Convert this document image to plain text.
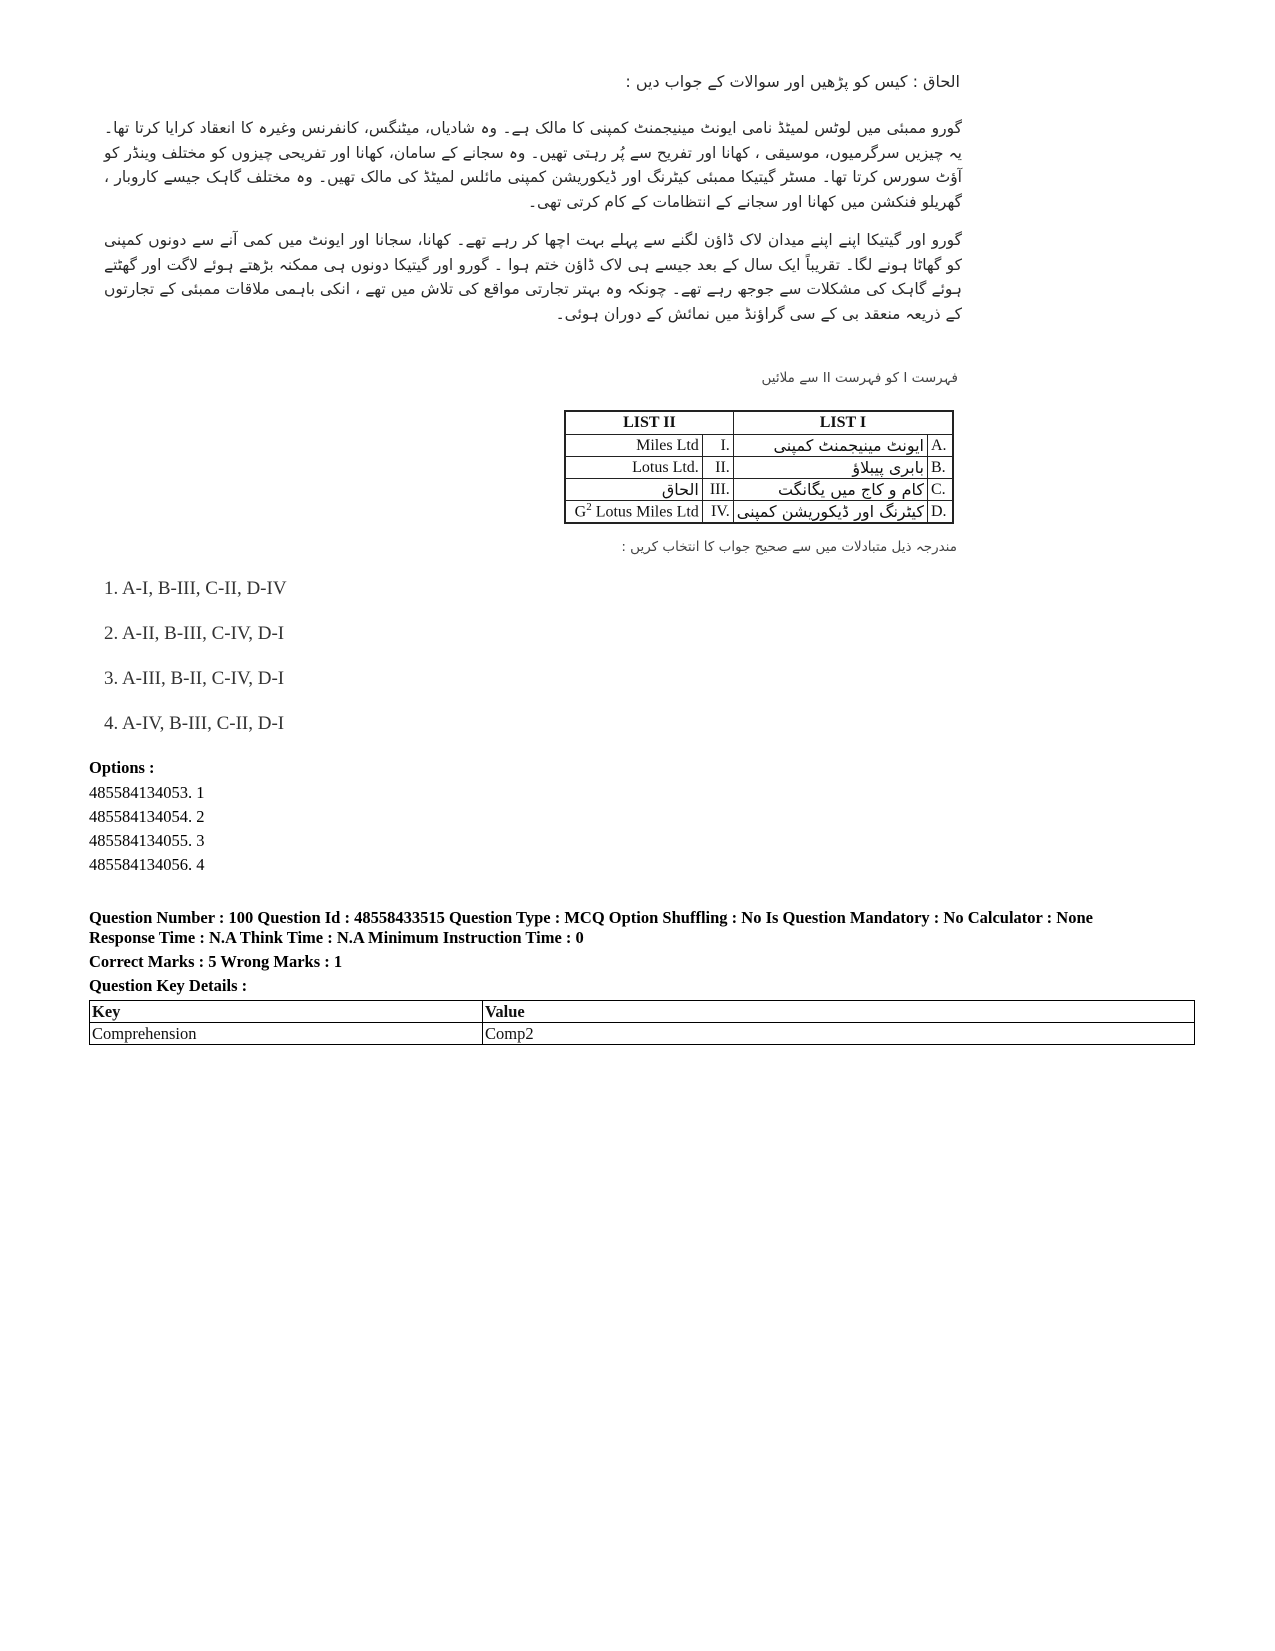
الحاق : کیس کو پڑھیں اور سوالات کے جواب دیں :
گورو ممبئی میں لوٹس لمیٹڈ نامی ایونٹ مینیجمنٹ کمپنی کا مالک ہے۔ وہ شادیاں، میٹنگس، کانفرنس وغیرہ کا انعقاد کرایا کرتا تھا۔ یہ چیزیں سرگرمیوں، موسیقی ، کھانا اور تفریح سے پُر رہتی تھیں۔ وہ سجانے کے سامان، کھانا اور تفریحی چیزوں کو مختلف وینڈر کو آؤٹ سورس کرتا تھا۔ مسٹر گیتیکا ممبئی کیٹرنگ اور ڈیکوریشن کمپنی مائلس لمیٹڈ کی مالک تھیں۔ وہ مختلف گاہک جیسے کاروبار ، گھریلو فنکشن میں کھانا اور سجانے کے انتظامات کے کام کرتی تھی۔
گورو اور گیتیکا اپنے اپنے میدان لاک ڈاؤن لگنے سے پہلے بہت اچھا کر رہے تھے۔ کھانا، سجانا اور ایونٹ میں کمی آنے سے دونوں کمپنی کو گھاٹا ہونے لگا۔ تقریباً ایک سال کے بعد جیسے ہی لاک ڈاؤن ختم ہوا ۔ گورو اور گیتیکا دونوں ہی ممکنہ بڑھتے ہوئے لاگت اور گھٹتے ہوئے گاہک کی مشکلات سے جوجھ رہے تھے۔ چونکہ وہ بہتر تجارتی مواقع کی تلاش میں تھے ، انکی باہمی ملاقات ممبئی کے تجارتوں کے ذریعہ منعقد بی کے سی گراؤنڈ میں نمائش کے دوران ہوئی۔
فہرست I کو فہرست II سے ملائیں
LIST II		LIST I	
Miles Ltd	I.	ایونٹ مینیجمنٹ کمپنی	A.
Lotus Ltd.	II.	بابری پیبلاؤ	B.
الحاق	III.	کام و کاج میں یگانگت	C.
$G^2$ Lotus Miles Ltd	IV.	کیٹرنگ اور ڈیکوریشن کمپنی	D.
مندرجہ ذیل متبادلات میں سے صحیح جواب کا انتخاب کریں :
1. A-I, B-III, C-II, D-IV
2. A-II, B-III, C-IV, D-I
3. A-III, B-II, C-IV, D-I
4. A-IV, B-III, C-II, D-I
Options :
485584134053. 1
485584134054. 2
485584134055. 3
485584134056. 4
Question Number : 100 Question Id : 48558433515 Question Type : MCQ Option Shuffling : No Is Question Mandatory : No Calculator : None
Response Time : N.A Think Time : N.A Minimum Instruction Time : 0
Correct Marks : 5 Wrong Marks : 1
Question Key Details :
Key	Value
Comprehension	Comp2
